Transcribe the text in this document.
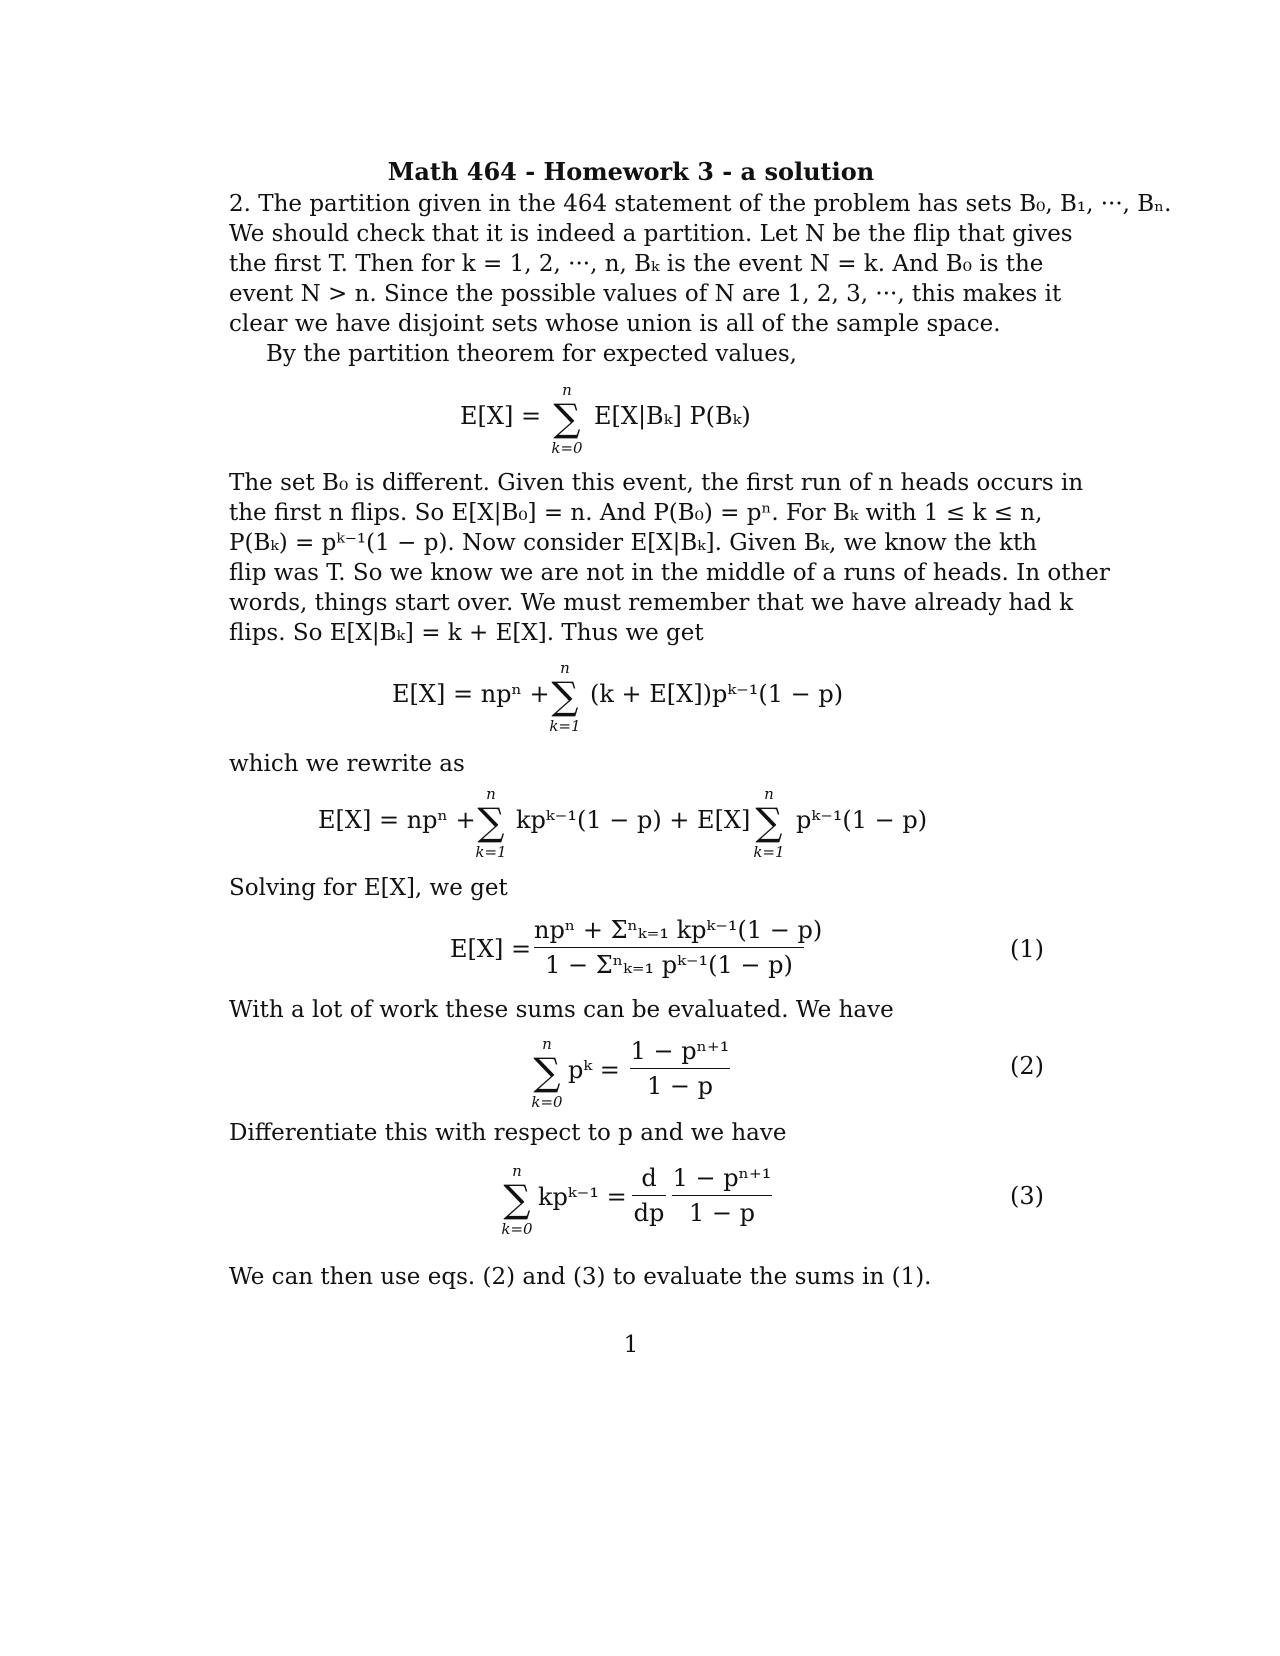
Math 464 - Homework 3 - a solution
2. The partition given in the 464 statement of the problem has sets B₀, B₁, ···, Bₙ.
We should check that it is indeed a partition. Let N be the flip that gives
the first T. Then for k = 1, 2, ···, n, Bₖ is the event N = k. And B₀ is the
event N > n. Since the possible values of N are 1, 2, 3, ···, this makes it
clear we have disjoint sets whose union is all of the sample space.
By the partition theorem for expected values,
E[X] =
n
∑
k=0
E[X|Bₖ] P(Bₖ)
The set B₀ is different. Given this event, the first run of n heads occurs in
the first n flips. So E[X|B₀] = n. And P(B₀) = pⁿ. For Bₖ with 1 ≤ k ≤ n,
P(Bₖ) = pᵏ⁻¹(1 − p). Now consider E[X|Bₖ]. Given Bₖ, we know the kth
flip was T. So we know we are not in the middle of a runs of heads. In other
words, things start over. We must remember that we have already had k
flips. So E[X|Bₖ] = k + E[X]. Thus we get
E[X] = npⁿ +
n
∑
k=1
(k + E[X])pᵏ⁻¹(1 − p)
which we rewrite as
E[X] = npⁿ +
n
∑
k=1
kpᵏ⁻¹(1 − p) + E[X]
n
∑
k=1
pᵏ⁻¹(1 − p)
Solving for E[X], we get
E[X] =
npⁿ + Σⁿₖ₌₁ kpᵏ⁻¹(1 − p)
1 − Σⁿₖ₌₁ pᵏ⁻¹(1 − p)
(1)
With a lot of work these sums can be evaluated. We have
n
∑
k=0
pᵏ =
1 − pⁿ⁺¹
1 − p
(2)
Differentiate this with respect to p and we have
n
∑
k=0
kpᵏ⁻¹ =
d
dp
1 − pⁿ⁺¹
1 − p
(3)
We can then use eqs. (2) and (3) to evaluate the sums in (1).
1
